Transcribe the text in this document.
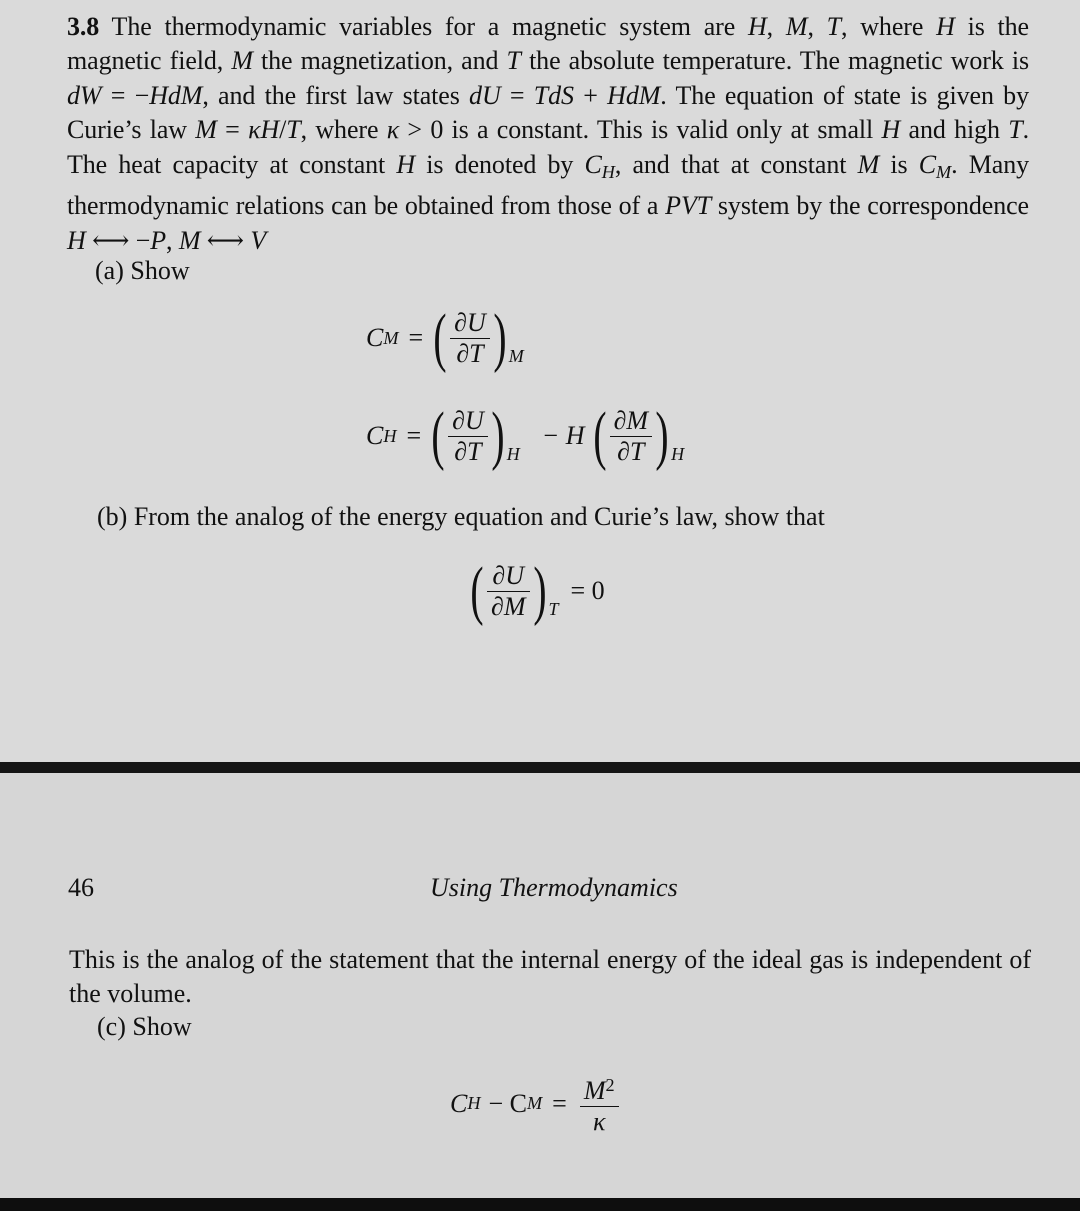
3.8 The thermodynamic variables for a magnetic system are H, M, T, where H is the magnetic field, M the magnetization, and T the absolute temperature. The magnetic work is dW = −HdM, and the first law states dU = TdS + HdM. The equation of state is given by Curie’s law M = κH/T, where κ > 0 is a constant. This is valid only at small H and high T. The heat capacity at constant H is denoted by $C_H$, and that at constant M is $C_M$. Many thermodynamic relations can be obtained from those of a PVT system by the correspondence H ⟷ −P, M ⟷ V
(a) Show
C M = ( $\frac{\partial U}{\partial T}$ ) M
C H = ( $\frac{\partial U}{\partial T}$ ) H
− H ( $\frac{\partial M}{\partial T}$ ) H
(b) From the analog of the energy equation and Curie’s law, show that
( $\frac{\partial U}{\partial M}$ ) T
= 0
46	Using Thermodynamics
This is the analog of the statement that the internal energy of the ideal gas is independent of the volume.
(c) Show
C H − C $M = \frac{M^2}{\kappa}$
